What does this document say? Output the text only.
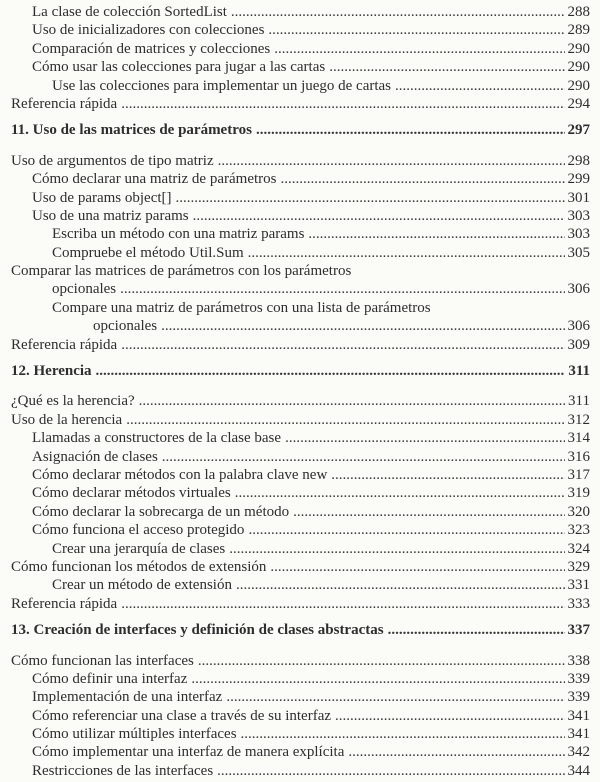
La clase de colección SortedList .....	288
Uso de inicializadores con colecciones .....	289
Comparación de matrices y colecciones .....	290
Cómo usar las colecciones para jugar a las cartas .....	290
Use las colecciones para implementar un juego de cartas .....	290
Referencia rápida .....	294
11. Uso de las matrices de parámetros .....	297
Uso de argumentos de tipo matriz .....	298
Cómo declarar una matriz de parámetros .....	299
Uso de params object[] .....	301
Uso de una matriz params .....	303
Escriba un método con una matriz params .....	303
Compruebe el método Util.Sum .....	305
Comparar las matrices de parámetros con los parámetros
opcionales .....	306
Compare una matriz de parámetros con una lista de parámetros
opcionales .....	306
Referencia rápida .....	309
12. Herencia .....	311
¿Qué es la herencia? .....	311
Uso de la herencia .....	312
Llamadas a constructores de la clase base .....	314
Asignación de clases .....	316
Cómo declarar métodos con la palabra clave new .....	317
Cómo declarar métodos virtuales .....	319
Cómo declarar la sobrecarga de un método .....	320
Cómo funciona el acceso protegido .....	323
Crear una jerarquía de clases .....	324
Cómo funcionan los métodos de extensión .....	329
Crear un método de extensión .....	331
Referencia rápida .....	333
13. Creación de interfaces y definición de clases abstractas .....	337
Cómo funcionan las interfaces .....	338
Cómo definir una interfaz .....	339
Implementación de una interfaz .....	339
Cómo referenciar una clase a través de su interfaz .....	341
Cómo utilizar múltiples interfaces .....	341
Cómo implementar una interfaz de manera explícita .....	342
Restricciones de las interfaces .....	344
